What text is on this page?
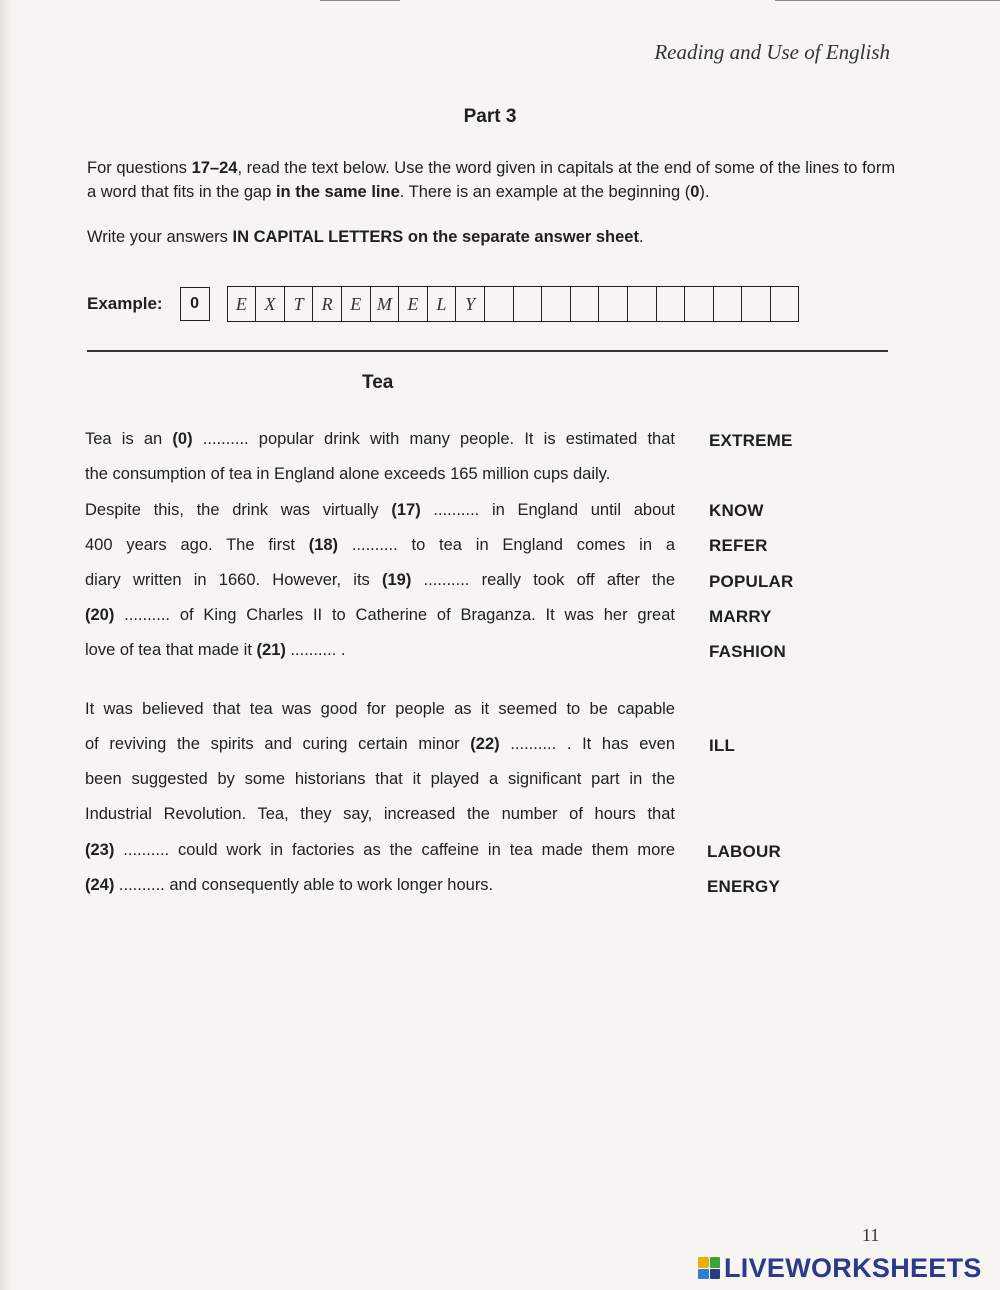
Reading and Use of English
Part 3
For questions 17–24, read the text below. Use the word given in capitals at the end of some of the lines to form a word that fits in the gap in the same line. There is an example at the beginning (0).
Write your answers IN CAPITAL LETTERS on the separate answer sheet.
Example:	0	E X	T	R E M E	L	Y
Tea
Tea is an (0) .......... popular drink with many people. It is estimated that EXTREME
the consumption of tea in England alone exceeds 165 million cups daily.
Despite this, the drink was virtually (17) .......... in England until about KNOW
400 years ago. The first (18) .......... to tea in England comes in a REFER
diary written in 1660. However, its (19) .......... really took off after the POPULAR
(20) .......... of King Charles II to Catherine of Braganza. It was her great MARRY
love of tea that made it (21) .......... .	FASHION
It was believed that tea was good for people as it seemed to be capable
of reviving the spirits and curing certain minor (22) .......... . It has even ILL
been suggested by some historians that it played a significant part in the
Industrial Revolution. Tea, they say, increased the number of hours that
(23) .......... could work in factories as the caffeine in tea made them more LABOUR
(24) .......... and consequently able to work longer hours.	ENERGY
11
LIVEWORKSHEETS
